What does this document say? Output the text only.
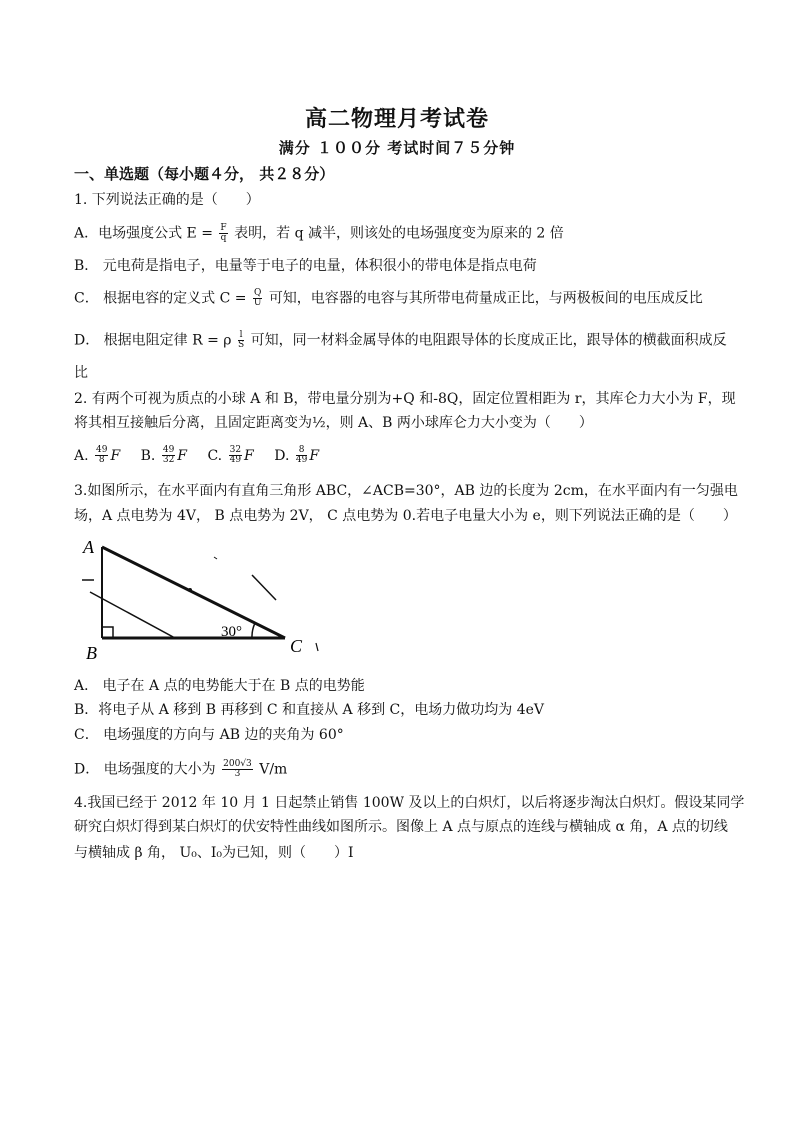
高二物理月考试卷
满分 １００分 考试时间７５分钟
一、单选题（每小题４分， 共２８分）
1. 下列说法正确的是（　　）
A．电场强度公式 $E = \frac{F}{q}$ 表明，若 q 减半，则该处的电场强度变为原来的 2 倍
B． 元电荷是指电子，电量等于电子的电量，体积很小的带电体是指点电荷
C． 根据电容的定义式 $C = \frac{Q}{U}$ 可知，电容器的电容与其所带电荷量成正比，与两极板间的电压成反比
D． 根据电阻定律 R = ρ $\frac{l}{S}$ 可知，同一材料金属导体的电阻跟导体的长度成正比，跟导体的横截面积成反
比
2. 有两个可视为质点的小球 A 和 B，带电量分别为+Q 和-8Q，固定位置相距为 r，其库仑力大小为 F，现
将其相互接触后分离，且固定距离变为½，则 A、B 两小球库仑力大小变为（　　）
A. $\frac{49}{8}$ F B. $\frac{49}{32}$ F C. $\frac{32}{49}$ F D. $\frac{8}{49}$ F
3.如图所示，在水平面内有直角三角形 ABC，∠ACB=30°，AB 边的长度为 2cm，在水平面内有一匀强电
场，A 点电势为 4V， B 点电势为 2V， C 点电势为 0.若电子电量大小为 e，则下列说法正确的是（　　）
A
B	C
30°
A． 电子在 A 点的电势能大于在 B 点的电势能
B．将电子从 A 移到 B 再移到 C 和直接从 A 移到 C，电场力做功均为 4eV
C． 电场强度的方向与 AB 边的夹角为 60°
D． 电场强度的大小为 $\frac{200√3}{3} V/m$
4.我国已经于 2012 年 10 月 1 日起禁止销售 100W 及以上的白炽灯，以后将逐步淘汰白炽灯。假设某同学
研究白炽灯得到某白炽灯的伏安特性曲线如图所示。图像上 A 点与原点的连线与横轴成 α 角，A 点的切线
与横轴成 β 角， U₀、I₀为已知，则（　　）I
